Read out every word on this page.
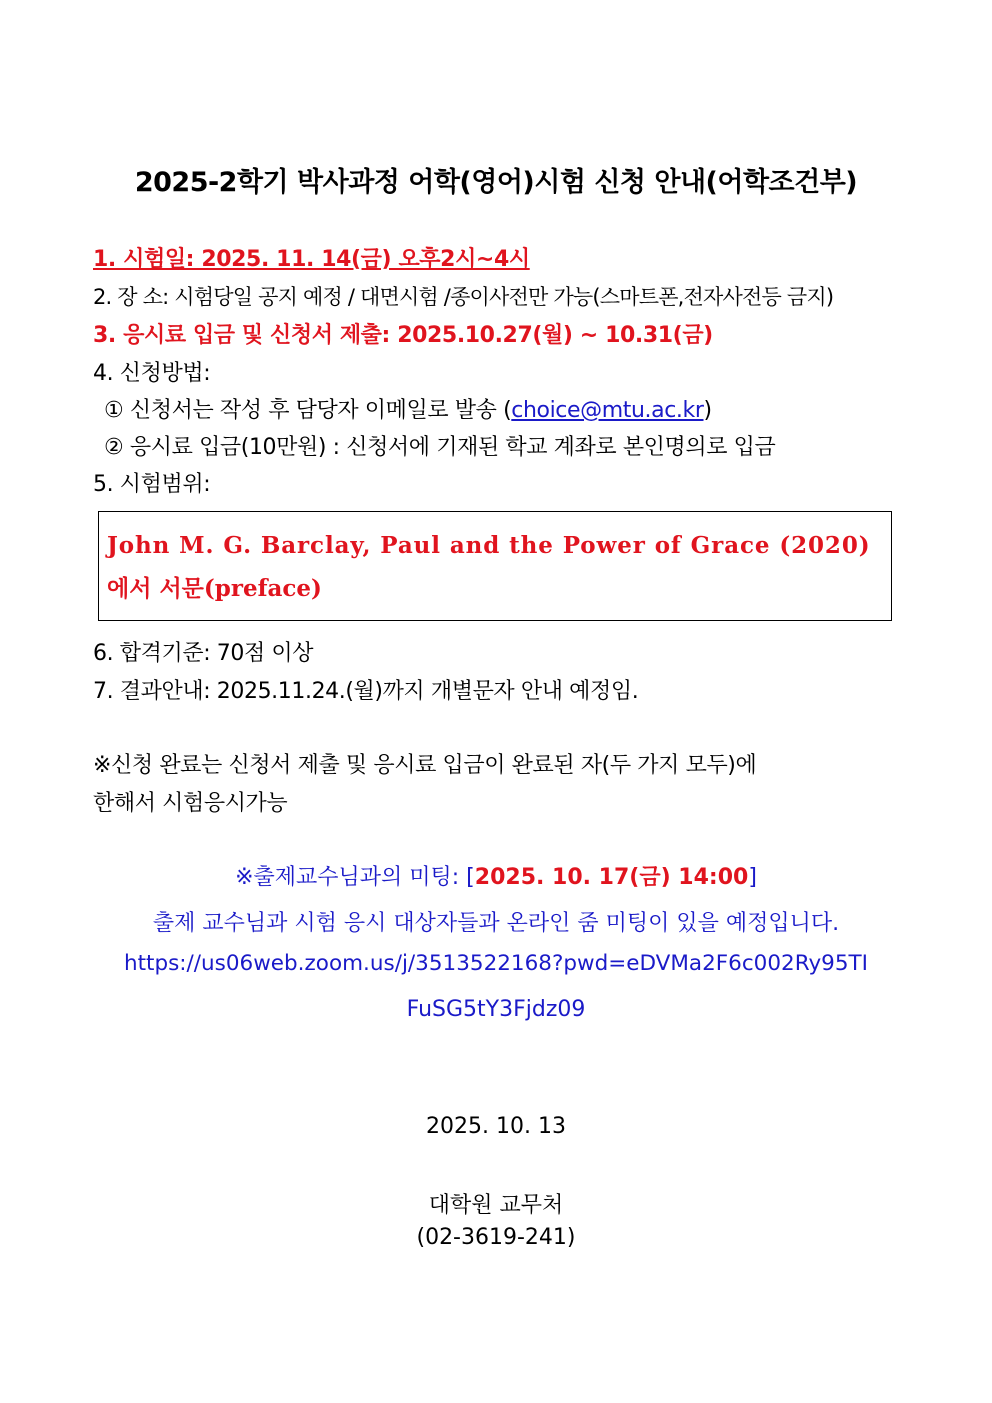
2025-2학기 박사과정 어학(영어)시험 신청 안내(어학조건부)
1. 시험일: 2025. 11. 14(금) 오후2시~4시
2. 장 소: 시험당일 공지 예정 / 대면시험 /종이사전만 가능(스마트폰,전자사전등 금지)
3. 응시료 입금 및 신청서 제출: 2025.10.27(월) ~ 10.31(금)
4. 신청방법:
① 신청서는 작성 후 담당자 이메일로 발송 (choice@mtu.ac.kr)
② 응시료 입금(10만원) : 신청서에 기재된 학교 계좌로 본인명의로 입금
5. 시험범위:
John M. G. Barclay, Paul and the Power of Grace (2020)
에서 서문(preface)
6. 합격기준: 70점 이상
7. 결과안내: 2025.11.24.(월)까지 개별문자 안내 예정임.
※신청 완료는 신청서 제출 및 응시료 입금이 완료된 자(두 가지 모두)에
한해서 시험응시가능
※출제교수님과의 미팅: [2025. 10. 17(금) 14:00]
출제 교수님과 시험 응시 대상자들과 온라인 줌 미팅이 있을 예정입니다.
https://us06web.zoom.us/j/3513522168?pwd=eDVMa2F6c002Ry95TI
FuSG5tY3Fjdz09
2025. 10. 13
대학원 교무처
(02-3619-241)
